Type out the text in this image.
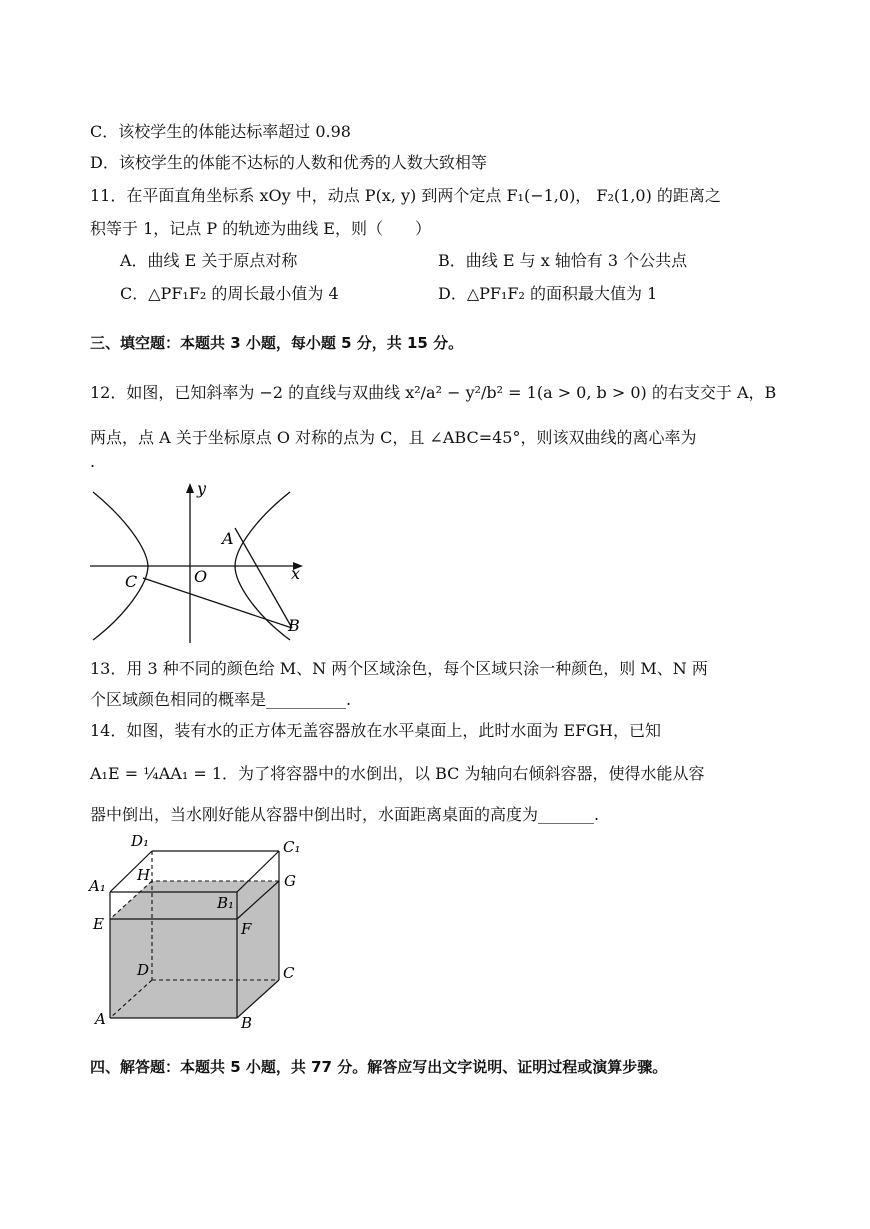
C．该校学生的体能达标率超过 0.98
D．该校学生的体能不达标的人数和优秀的人数大致相等
11．在平面直角坐标系 xOy 中，动点 P(x, y) 到两个定点 F₁(−1,0)， F₂(1,0) 的距离之
积等于 1，记点 P 的轨迹为曲线 E，则（　　）
A．曲线 E 关于原点对称	B．曲线 E 与 x 轴恰有 3 个公共点
C．△PF₁F₂ 的周长最小值为 4	D．△PF₁F₂ 的面积最大值为 1
三、填空题：本题共 3 小题，每小题 5 分，共 15 分。
12．如图，已知斜率为 −2 的直线与双曲线 x²/a² − y²/b² = 1(a > 0, b > 0) 的右支交于 A，B
两点，点 A 关于坐标原点 O 对称的点为 C，且 ∠ABC=45°，则该双曲线的离心率为
.
y
x
O
A
C
B
13．用 3 种不同的颜色给 M、N 两个区域涂色，每个区域只涂一种颜色，则 M、N 两
个区域颜色相同的概率是__________.
14．如图，装有水的正方体无盖容器放在水平桌面上，此时水面为 EFGH，已知
A₁E = ¼AA₁ = 1．为了将容器中的水倒出，以 BC 为轴向右倾斜容器，使得水能从容
器中倒出，当水刚好能从容器中倒出时，水面距离桌面的高度为_______.
D₁	C₁
A₁
H	G
B₁
E	F
D	C
A	B
四、解答题：本题共 5 小题，共 77 分。解答应写出文字说明、证明过程或演算步骤。
